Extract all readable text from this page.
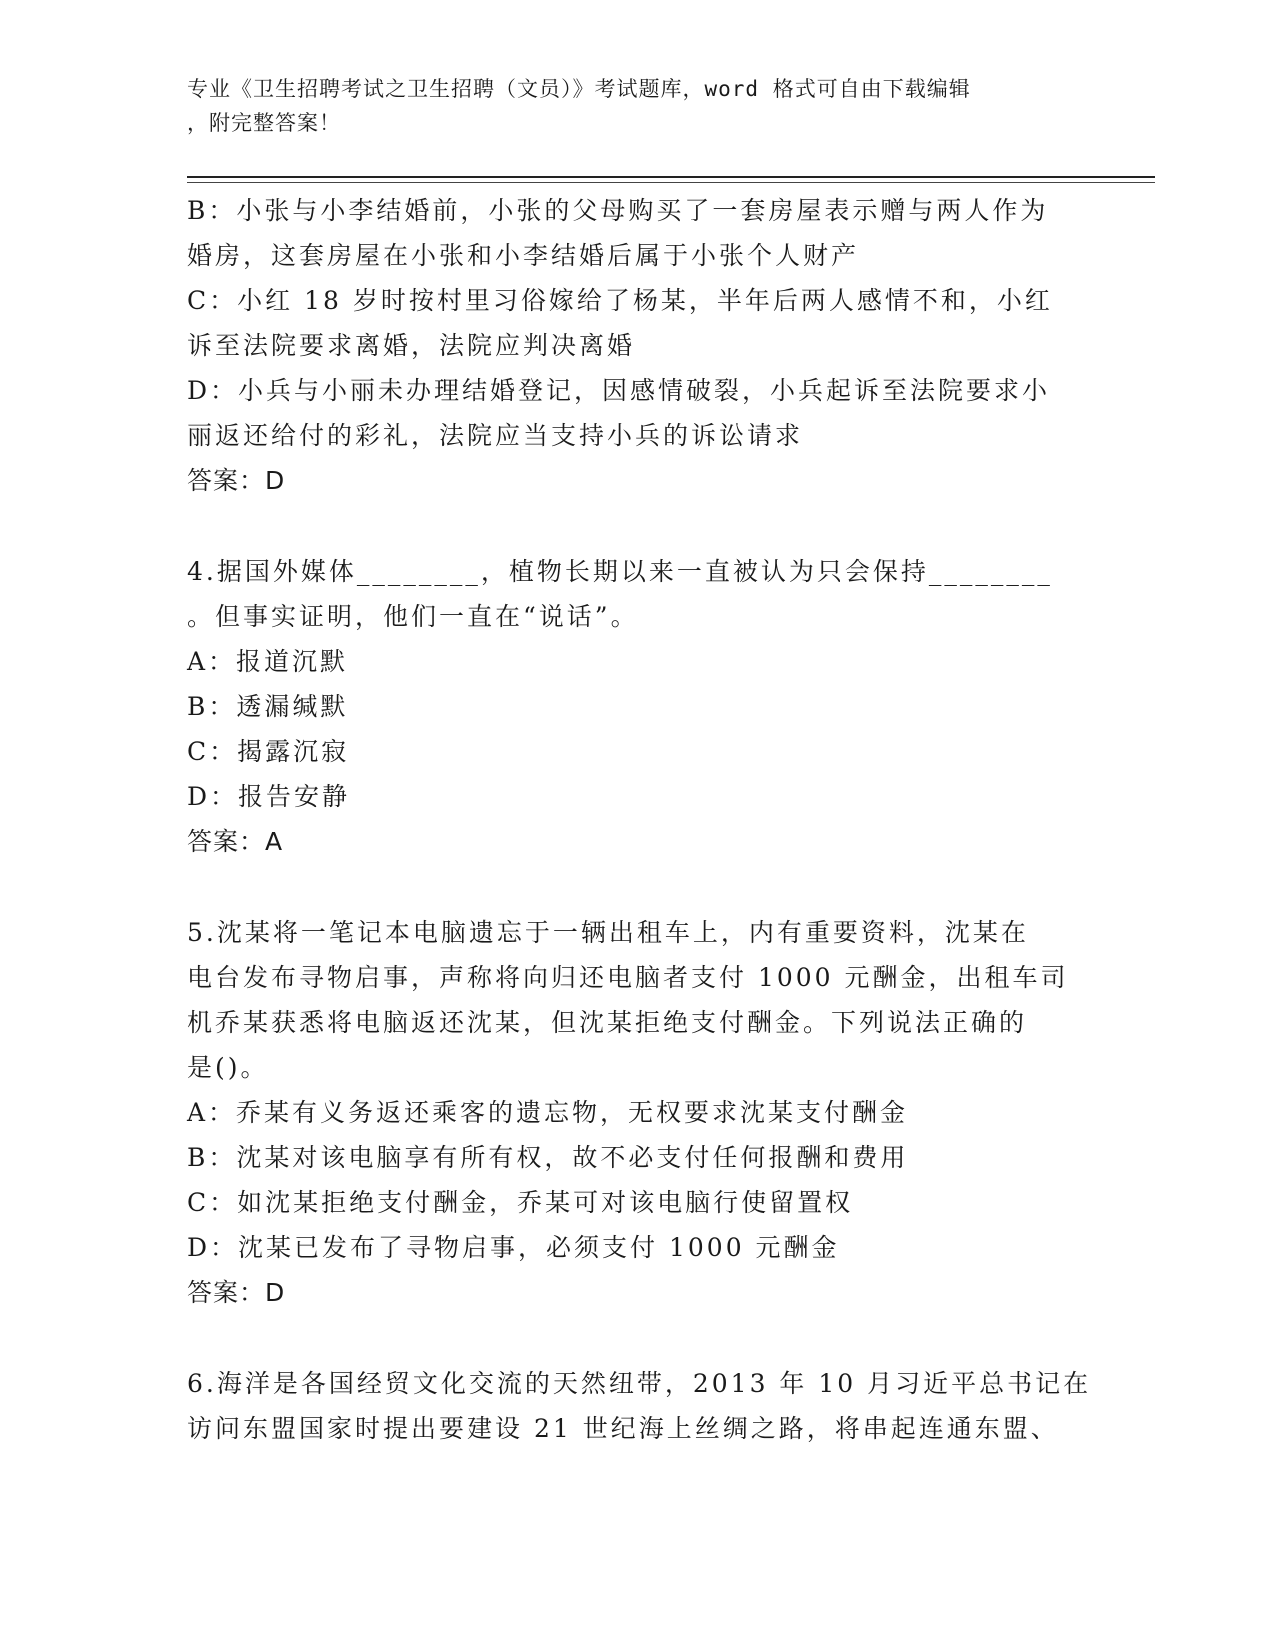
专业《卫生招聘考试之卫生招聘（文员）》考试题库，word 格式可自由下载编辑
，附完整答案！
B：小张与小李结婚前，小张的父母购买了一套房屋表示赠与两人作为
婚房，这套房屋在小张和小李结婚后属于小张个人财产
C：小红 18 岁时按村里习俗嫁给了杨某，半年后两人感情不和，小红
诉至法院要求离婚，法院应判决离婚
D：小兵与小丽未办理结婚登记，因感情破裂，小兵起诉至法院要求小
丽返还给付的彩礼，法院应当支持小兵的诉讼请求
答案：D
4.据国外媒体________，植物长期以来一直被认为只会保持________
。但事实证明，他们一直在“说话”。
A：报道沉默
B：透漏缄默
C：揭露沉寂
D：报告安静
答案：A
5.沈某将一笔记本电脑遗忘于一辆出租车上，内有重要资料，沈某在
电台发布寻物启事，声称将向归还电脑者支付 1000 元酬金，出租车司
机乔某获悉将电脑返还沈某，但沈某拒绝支付酬金。下列说法正确的
是()。
A：乔某有义务返还乘客的遗忘物，无权要求沈某支付酬金
B：沈某对该电脑享有所有权，故不必支付任何报酬和费用
C：如沈某拒绝支付酬金，乔某可对该电脑行使留置权
D：沈某已发布了寻物启事，必须支付 1000 元酬金
答案：D
6.海洋是各国经贸文化交流的天然纽带，2013 年 10 月习近平总书记在
访问东盟国家时提出要建设 21 世纪海上丝绸之路，将串起连通东盟、
